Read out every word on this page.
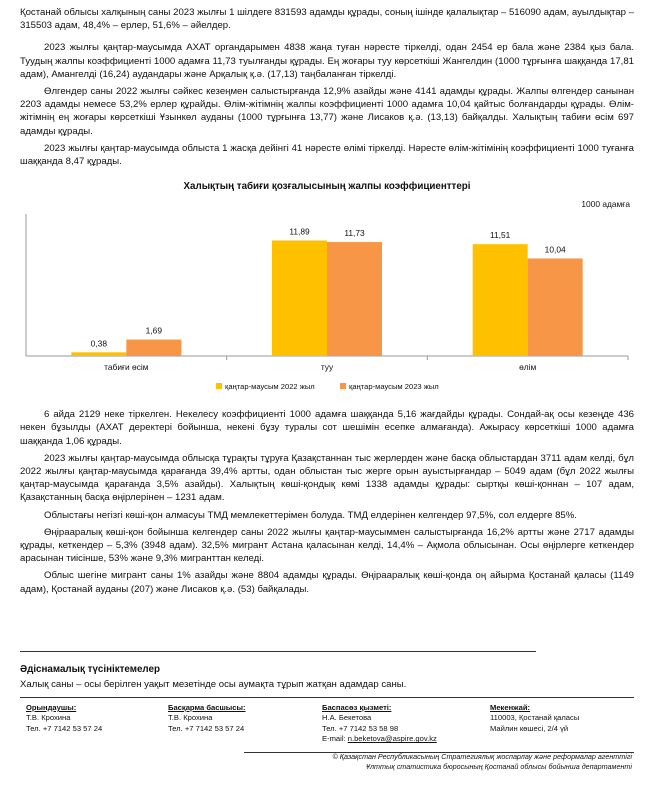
Қостанай облысы халқының саны 2023 жылғы 1 шілдеге 831593 адамды құрады, соның ішінде қалалықтар – 516090 адам, ауылдықтар – 315503 адам, 48,4% – ерлер, 51,6% – әйелдер.

2023 жылғы қаңтар-маусымда АХАТ органдарымен 4838 жаңа туған нәресте тіркелді, одан 2454 ер бала және 2384 қыз бала. Туудың жалпы коэффициенті 1000 адамға 11,73 туылғанды құрады. Ең жоғары туу көрсеткіші Жангелдин (1000 тұрғынға шаққанда 17,81 адам), Амангелді (16,24) аудандары және Арқалық қ.ә. (17,13) таңбаланған тіркелді.

Өлгендер саны 2022 жылғы сәйкес кезеңмен салыстырғанда 12,9% азайды және 4141 адамды құрады. Жалпы өлгендер санынан 2203 адамды немесе 53,2% ерлер құрайды. Өлім-жітімнің жалпы коэффициенті 1000 адамға 10,04 қайтыс болғандарды құрады. Өлім-жітімнің ең жоғары көрсеткіші Ұзынкөл ауданы (1000 тұрғынға 13,77) және Лисаков қ.ә. (13,13) байқалды. Халықтың табиғи өсім 697 адамды құрады.

2023 жылғы қаңтар-маусымда облыста 1 жасқа дейінгі 41 нәресте өлімі тіркелді. Нәресте өлім-жітімінің коэффициенті 1000 туғанға шаққанда 8,47 құрады.

Халықтың табиғи қозғалысының жалпы коэффициенттері
1000 адамға
0,38
1,69
табиғи өсім
11,89	11,73
туу
11,51
10,04
өлім
қаңтар-маусым 2022 жыл	қаңтар-маусым 2023 жыл

6 айда 2129 неке тіркелген. Некелесу коэффициенті 1000 адамға шаққанда 5,16 жағдайды құрады. Сондай-ақ осы кезеңде 436 некен бұзылды (АХАТ деректері бойынша, некені бұзу туралы сот шешімін есепке алмағанда). Ажырасу көрсеткіші 1000 адамға шаққанда 1,06 құрады.

2023 жылғы қаңтар-маусымда облысқа тұрақты тұруға Қазақстаннан тыс жерлерден және басқа облыстардан 3711 адам келді, бұл 2022 жылғы қаңтар-маусымда қарағанда 39,4% артты, одан облыстан тыс жерге орын ауыстырғандар – 5049 адам (бұл 2022 жылғы қаңтар-маусымда қарағанда 3,5% азайды). Халықтың көші-қондық көмі 1338 адамды құрады: сыртқы көші-қоннан – 107 адам, Қазақстанның басқа өңірлерінен – 1231 адам.

Облыстағы негізгі көші-қон алмасуы ТМД мемлекеттерімен болуда. ТМД елдерінен келгендер 97,5%, сол елдерге 85%.

Өңірааралық көші-қон бойынша келгендер саны 2022 жылғы қаңтар-маусыммен салыстырғанда 16,2% артты және 2717 адамды құрады, кеткендер – 5,3% (3948 адам). 32,5% мигрант Астана қаласынан келді, 14,4% – Ақмола облысынан. Осы өңірлерге кеткендер арасынан тиісінше, 53% және 9,3% мигранттан келеді.

Облыс шегіне мигрант саны 1% азайды және 8804 адамды құрады. Өңірааралық көші-қонда оң айырма Қостанай қаласы (1149 адам), Қостанай ауданы (207) және Лисаков қ.ә. (53) байқалады.

Әдіснамалық түсініктемелер
Халық саны – осы берілген уақыт мезетінде осы аумақта тұрып жатқан адамдар саны.
Орындаушы:
Т.В. Крохина
Тел. +7 7142 53 57 24
Басқарма басшысы:
Т.В. Крохина
Тел. +7 7142 53 57 24
Баспасөз қызметі:
Н.А. Бекетова
Тел. +7 7142 53 58 98
E-mail: n.beketova@aspire.gov.kz
Мекенжай:
110003, Қостанай қаласы
Майлин көшесі, 2/4 үй
© Қазақстан Республикасының Стратегиялық жоспарлау және реформалар агенттігі
Ұлттық статистика бюросының Қостанай облысы бойынша департаменті
